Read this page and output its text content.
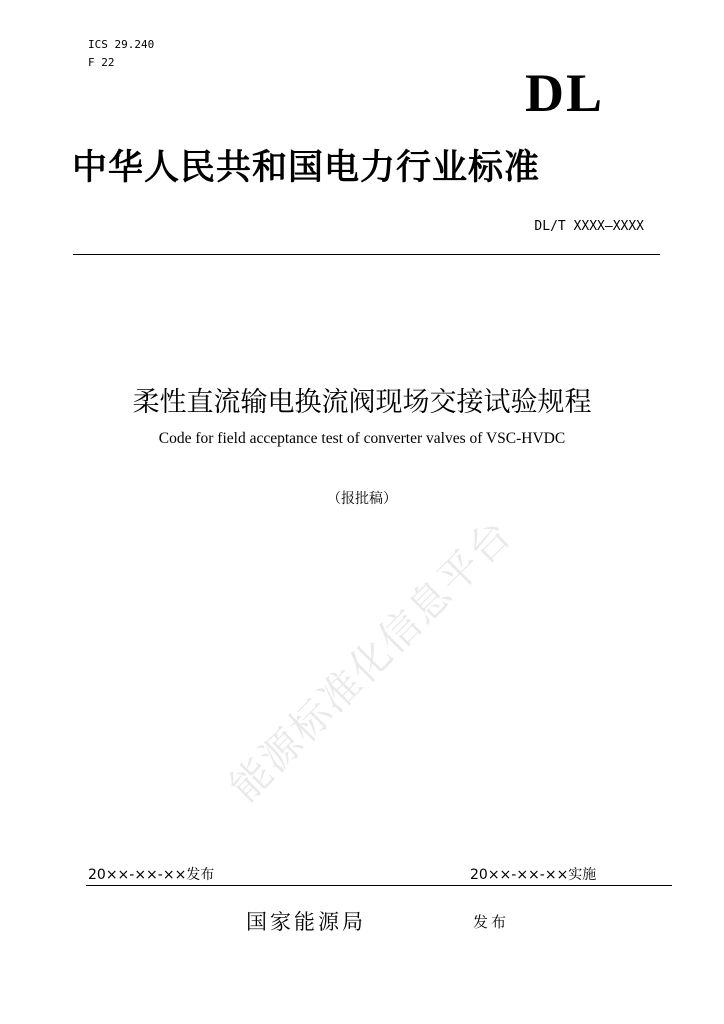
ICS 29.240
F 22
DL
中华人民共和国电力行业标准
DL/T XXXX—XXXX
柔性直流输电换流阀现场交接试验规程
Code for field acceptance test of converter valves of VSC-HVDC
（报批稿）
能源标准化信息平台
20××-××-××发布	20××-××-××实施
国家能源局	发布
